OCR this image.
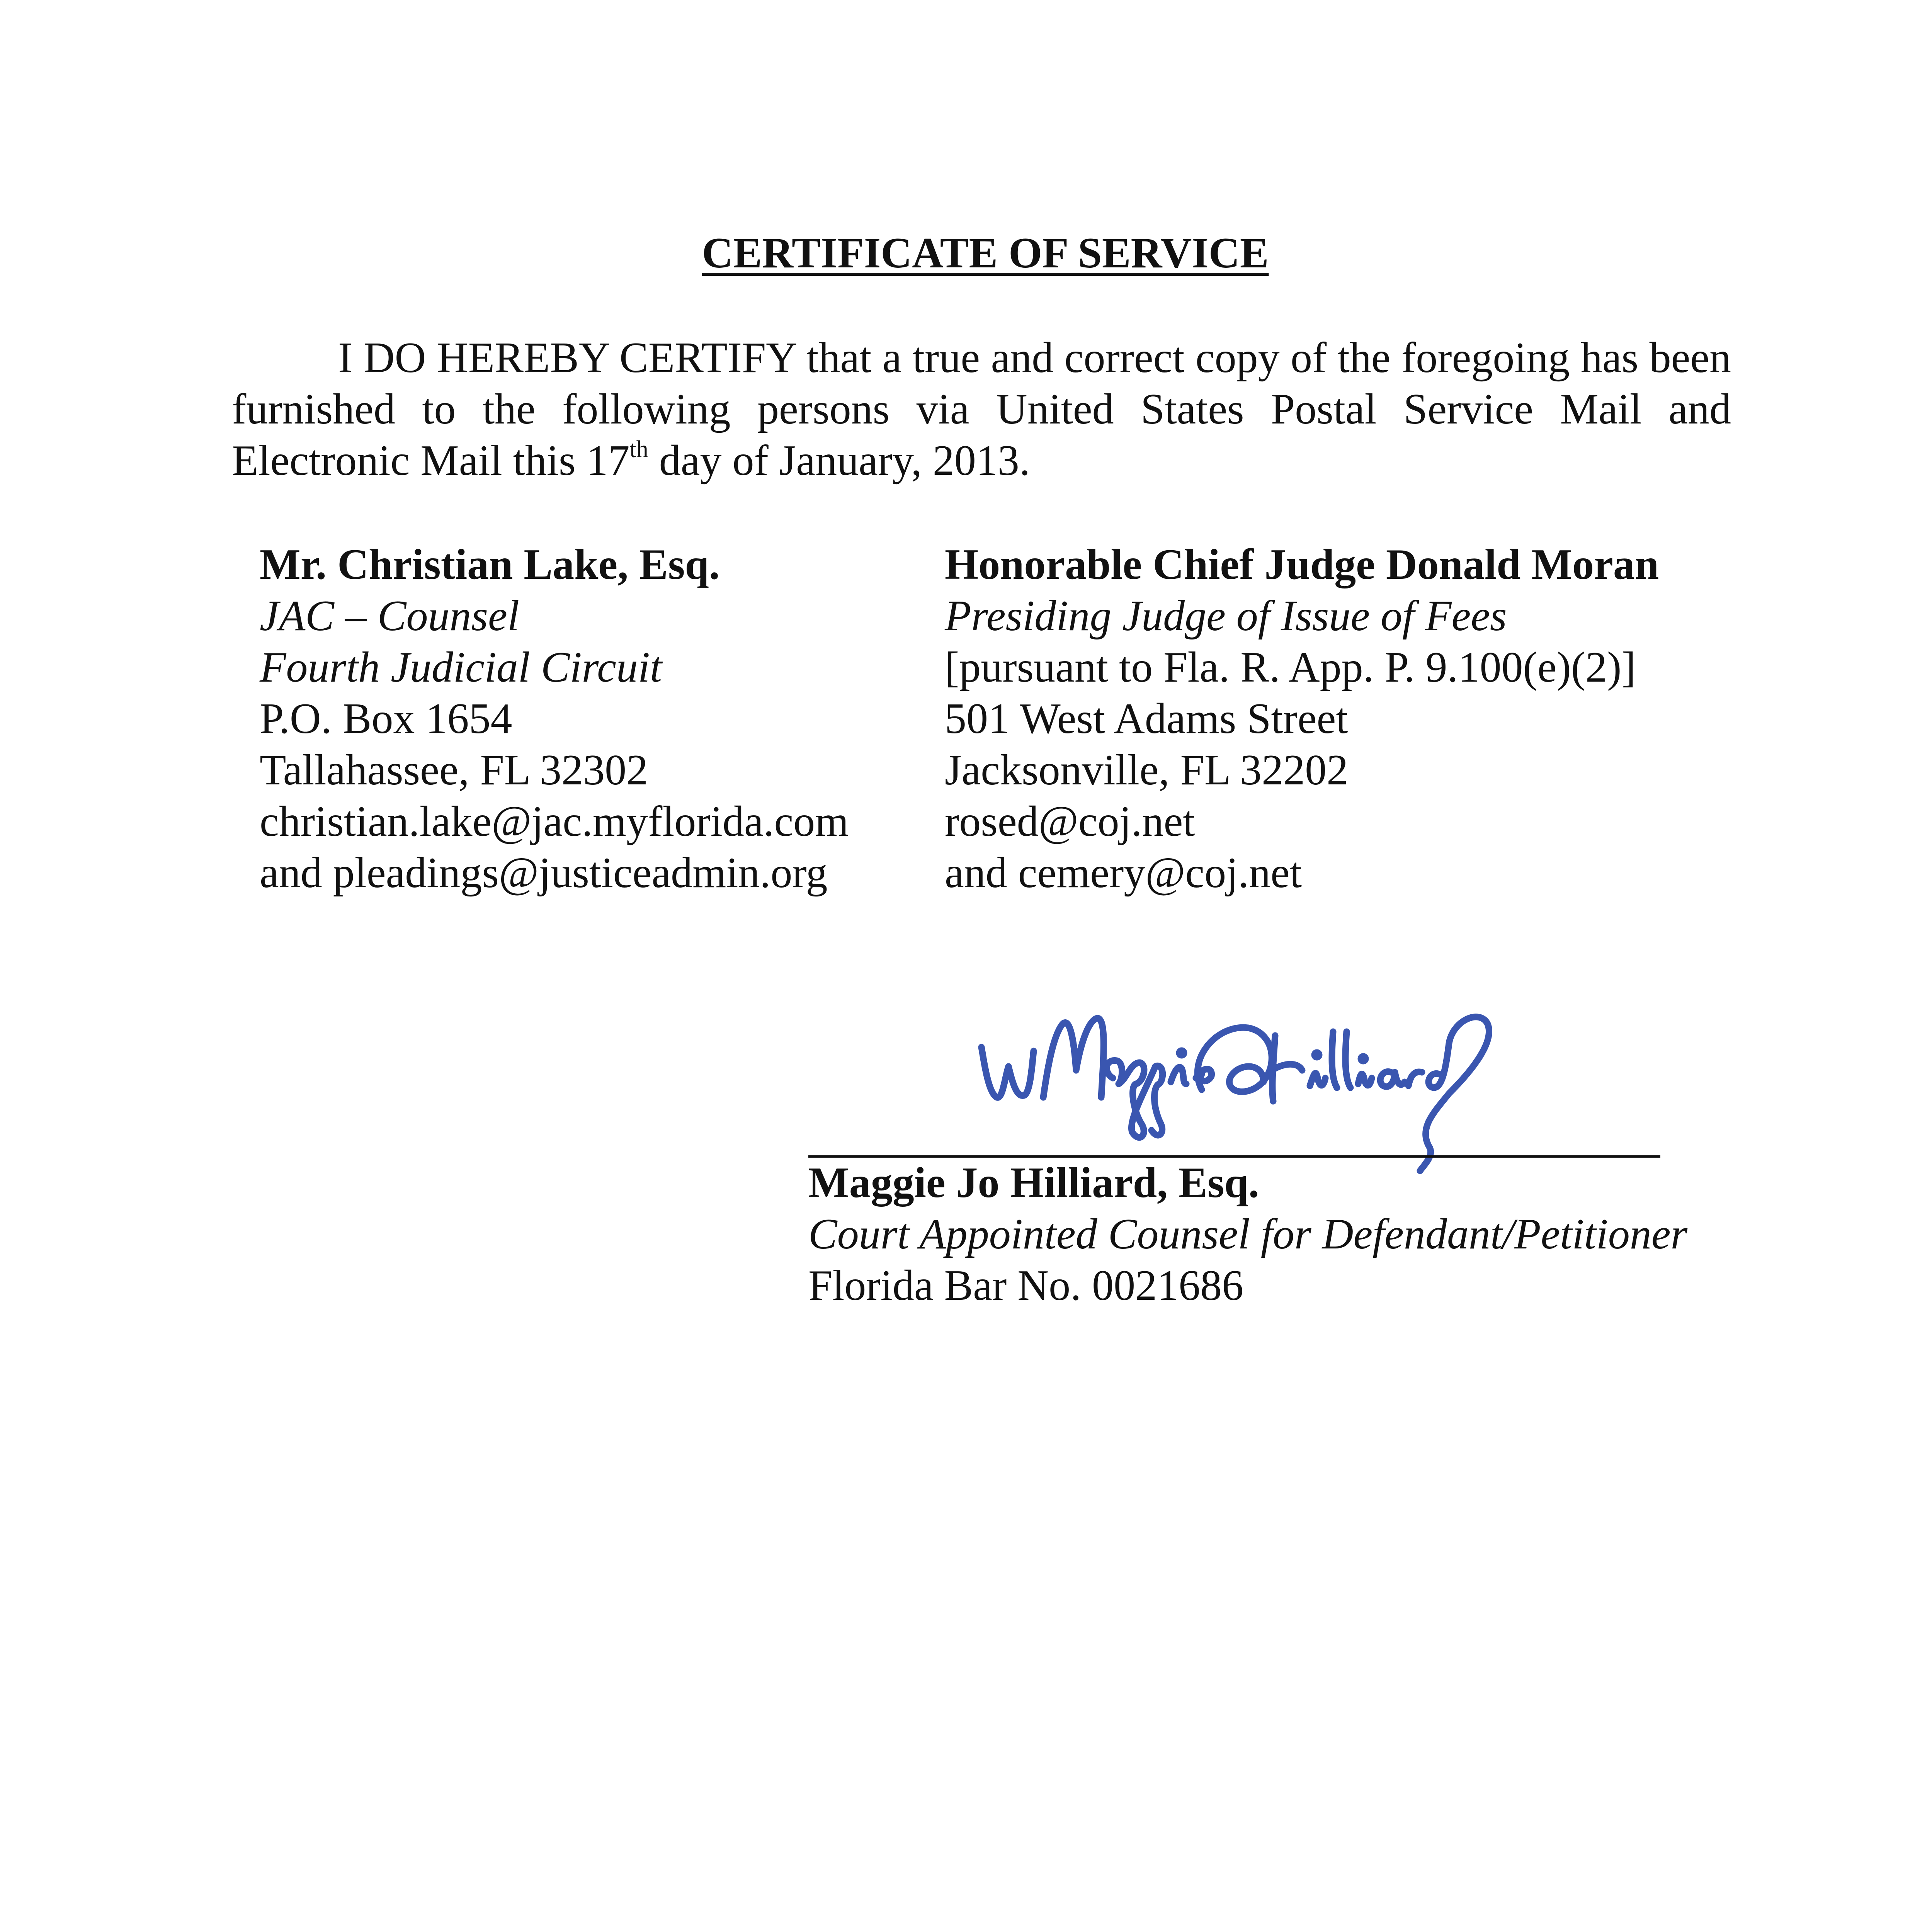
CERTIFICATE OF SERVICE

I DO HEREBY CERTIFY that a true and correct copy of the foregoing has been furnished to the following persons via United States Postal Service Mail and Electronic Mail this 17th day of January, 2013.

Mr. Christian Lake, Esq.
JAC – Counsel
Fourth Judicial Circuit
P.O. Box 1654
Tallahassee, FL 32302
christian.lake@jac.myflorida.com
and pleadings@justiceadmin.org
Honorable Chief Judge Donald Moran
Presiding Judge of Issue of Fees
[pursuant to Fla. R. App. P. 9.100(e)(2)]
501 West Adams Street
Jacksonville, FL 32202
rosed@coj.net
and cemery@coj.net
Maggie Jo Hilliard, Esq.
Court Appointed Counsel for Defendant/Petitioner
Florida Bar No. 0021686
